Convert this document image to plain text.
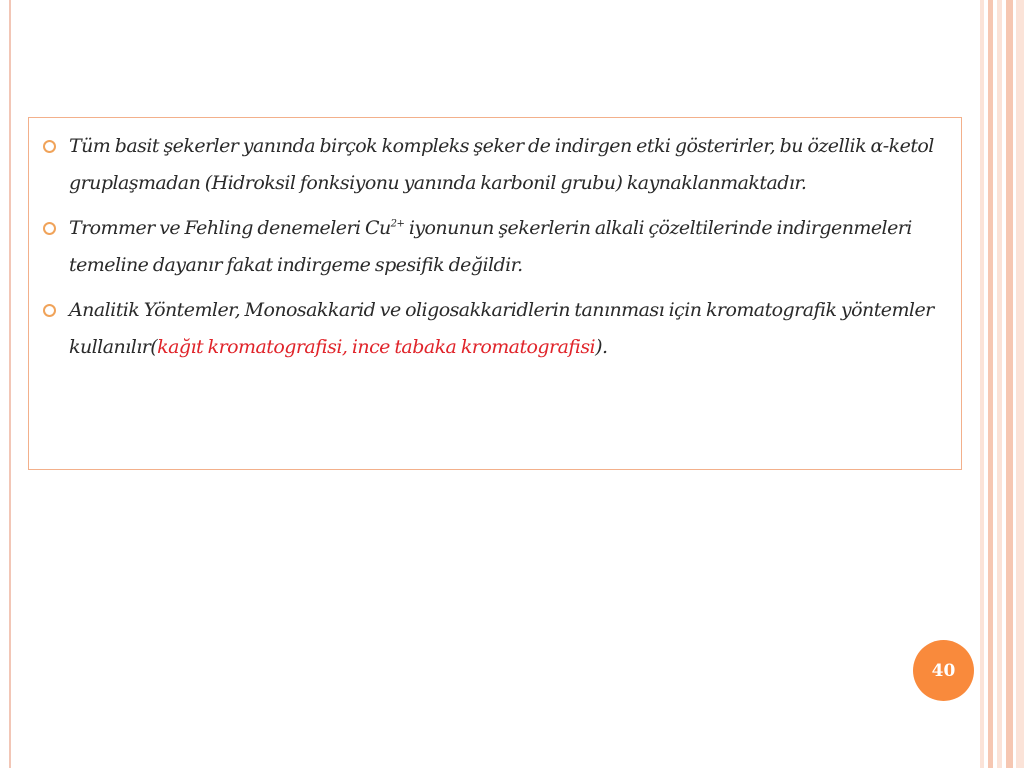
Tüm basit şekerler yanında birçok kompleks şeker de indirgen etki gösterirler, bu özellik α-ketol gruplaşmadan (Hidroksil fonksiyonu yanında karbonil grubu) kaynaklanmaktadır.
Trommer ve Fehling denemeleri $Cu^{2+}$ iyonunun şekerlerin alkali çözeltilerinde indirgenmeleri temeline dayanır fakat indirgeme spesifik değildir.
Analitik Yöntemler, Monosakkarid ve oligosakkaridlerin tanınması için kromatografik yöntemler kullanılır(kağıt kromatografisi, ince tabaka kromatografisi).
40
